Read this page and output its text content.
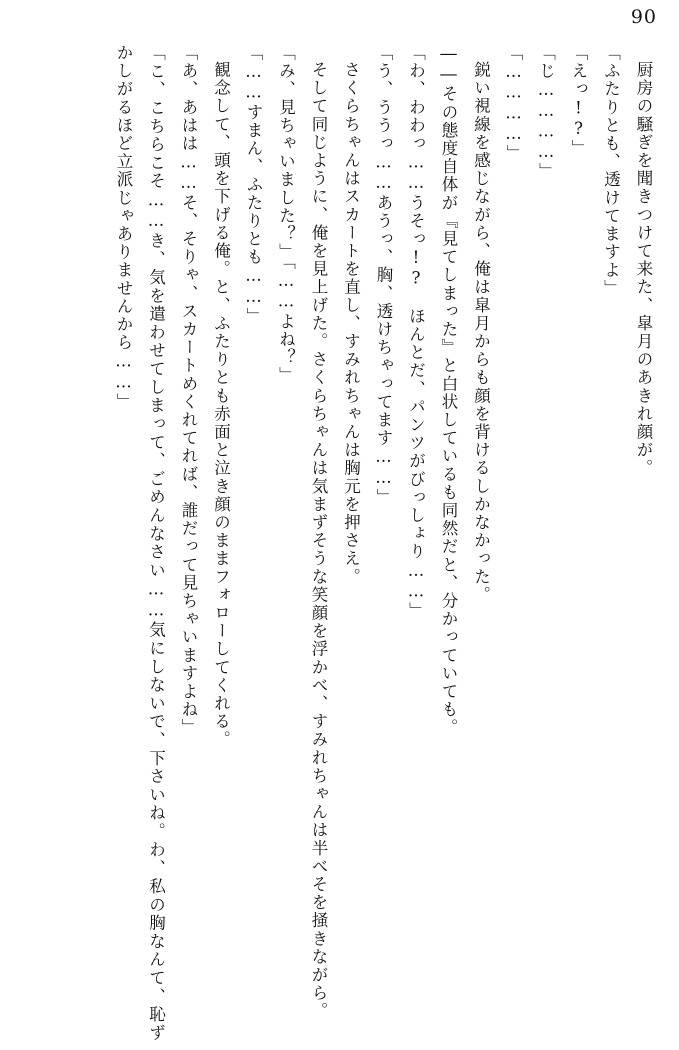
90

厨房の騒ぎを聞きつけて来た、皐月のあきれ顔が。

「ふたりとも、透けてますよ」

「えっ!?」

「じ…………」

「…………」

鋭い視線を感じながら、俺は皐月からも顔を背けるしかなかった。

――その態度自体が『見てしまった』と白状しているも同然だと、分かっていても。

「わ、わわっ……うそっ!?　ほんとだ、パンツがびっしょり……」

「う、ううっ……あうっ、胸、透けちゃってます……」

さくらちゃんはスカートを直し、すみれちゃんは胸元を押さえ。

そして同じように、俺を見上げた。さくらちゃんは気まずそうな笑顔を浮かべ、すみれちゃんは半べそを掻きながら。

「み、見ちゃいました？」「……よね？」

「……すまん、ふたりとも……」

観念して、頭を下げる俺。と、ふたりとも赤面と泣き顔のままフォローしてくれる。

「あ、あはは……そ、そりゃ、スカートめくれてれば、誰だって見ちゃいますよね」

「こ、こちらこそ……き、気を遣わせてしまって、ごめんなさい……気にしないで、下さいね。わ、私の胸なんて、恥ずかしがるほど立派じゃありませんから……」
